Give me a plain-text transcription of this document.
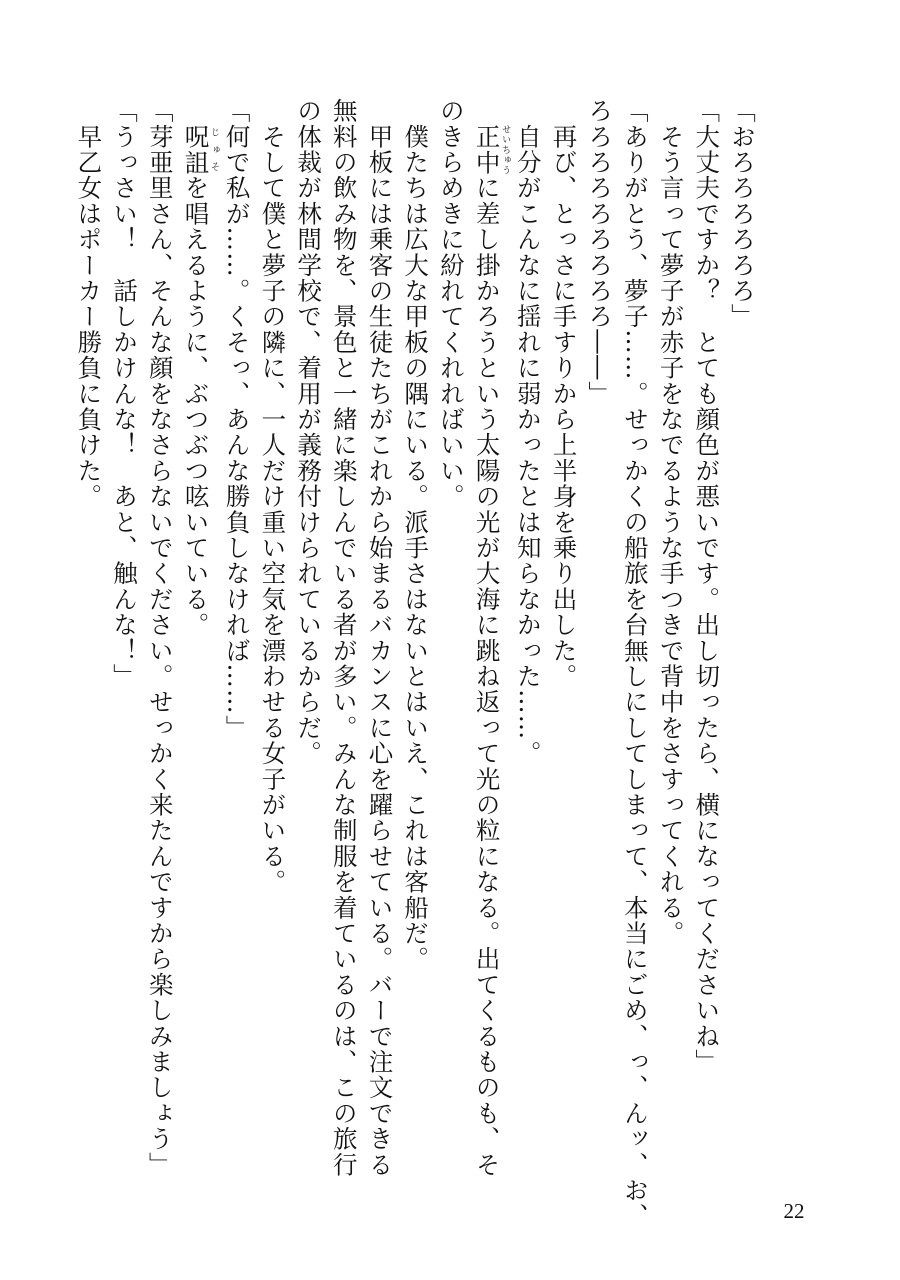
「おろろろろろろ」
「大丈夫ですか？　とても顔色が悪いです。出し切ったら、横になってくださいね」
　そう言って夢子が赤子をなでるような手つきで背中をさすってくれる。
「ありがとう、夢子……。せっかくの船旅を台無しにしてしまって、本当にごめ、っ、んッ、お、
ろろろろろろろろろ――」
　再び、とっさに手すりから上半身を乗り出した。
　自分がこんなに揺れに弱かったとは知らなかった……。
　正中せいちゅうに差し掛かろうという太陽の光が大海に跳ね返って光の粒になる。出てくるものも、そ
のきらめきに紛れてくれればいい。
　僕たちは広大な甲板の隅にいる。派手さはないとはいえ、これは客船だ。
　甲板には乗客の生徒たちがこれから始まるバカンスに心を躍らせている。バーで注文できる
無料の飲み物を、景色と一緒に楽しんでいる者が多い。みんな制服を着ているのは、この旅行
の体裁が林間学校で、着用が義務付けられているからだ。
　そして僕と夢子の隣に、一人だけ重い空気を漂わせる女子がいる。
「何で私が……。くそっ、あんな勝負しなければ……」
　呪詛じゅそを唱えるように、ぶつぶつ呟いている。
「芽亜里さん、そんな顔をなさらないでください。せっかく来たんですから楽しみましょう」
「うっさい！　話しかけんな！　あと、触んな！」
　早乙女はポーカー勝負に負けた。
22
